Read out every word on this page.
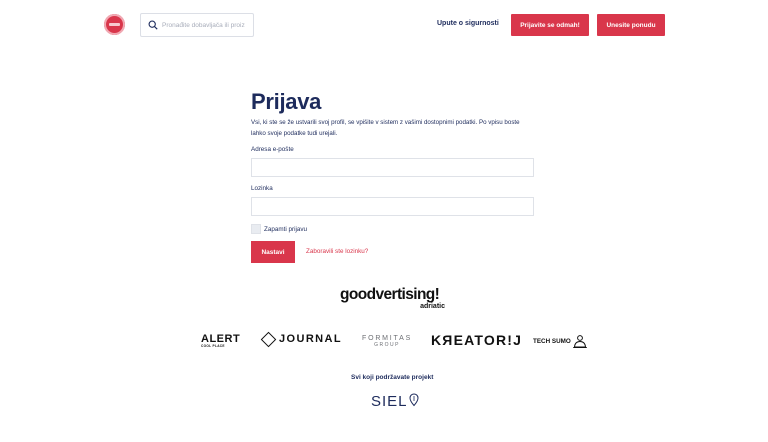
Pronađite dobavljača ili proiz
Upute o sigurnosti	Prijavite se odmah!	Unesite ponudu
Prijava

Vsi, ki ste se že ustvarili svoj profil, se vpišite v sistem z vašimi dostopnimi podatki. Po vpisu boste lahko svoje podatke tudi urejali.

Adresa e-pošte
Lozinka
Zapamti prijavu
Nastavi	Zaboravili ste lozinku?
goodvertising!
adriatic
ALERT
COOL PLACE
JOURNAL	FORMITAS
GROUP	KЯEATOR!J TECH SUMO
Svi koji podržavate projekt
SIEL
